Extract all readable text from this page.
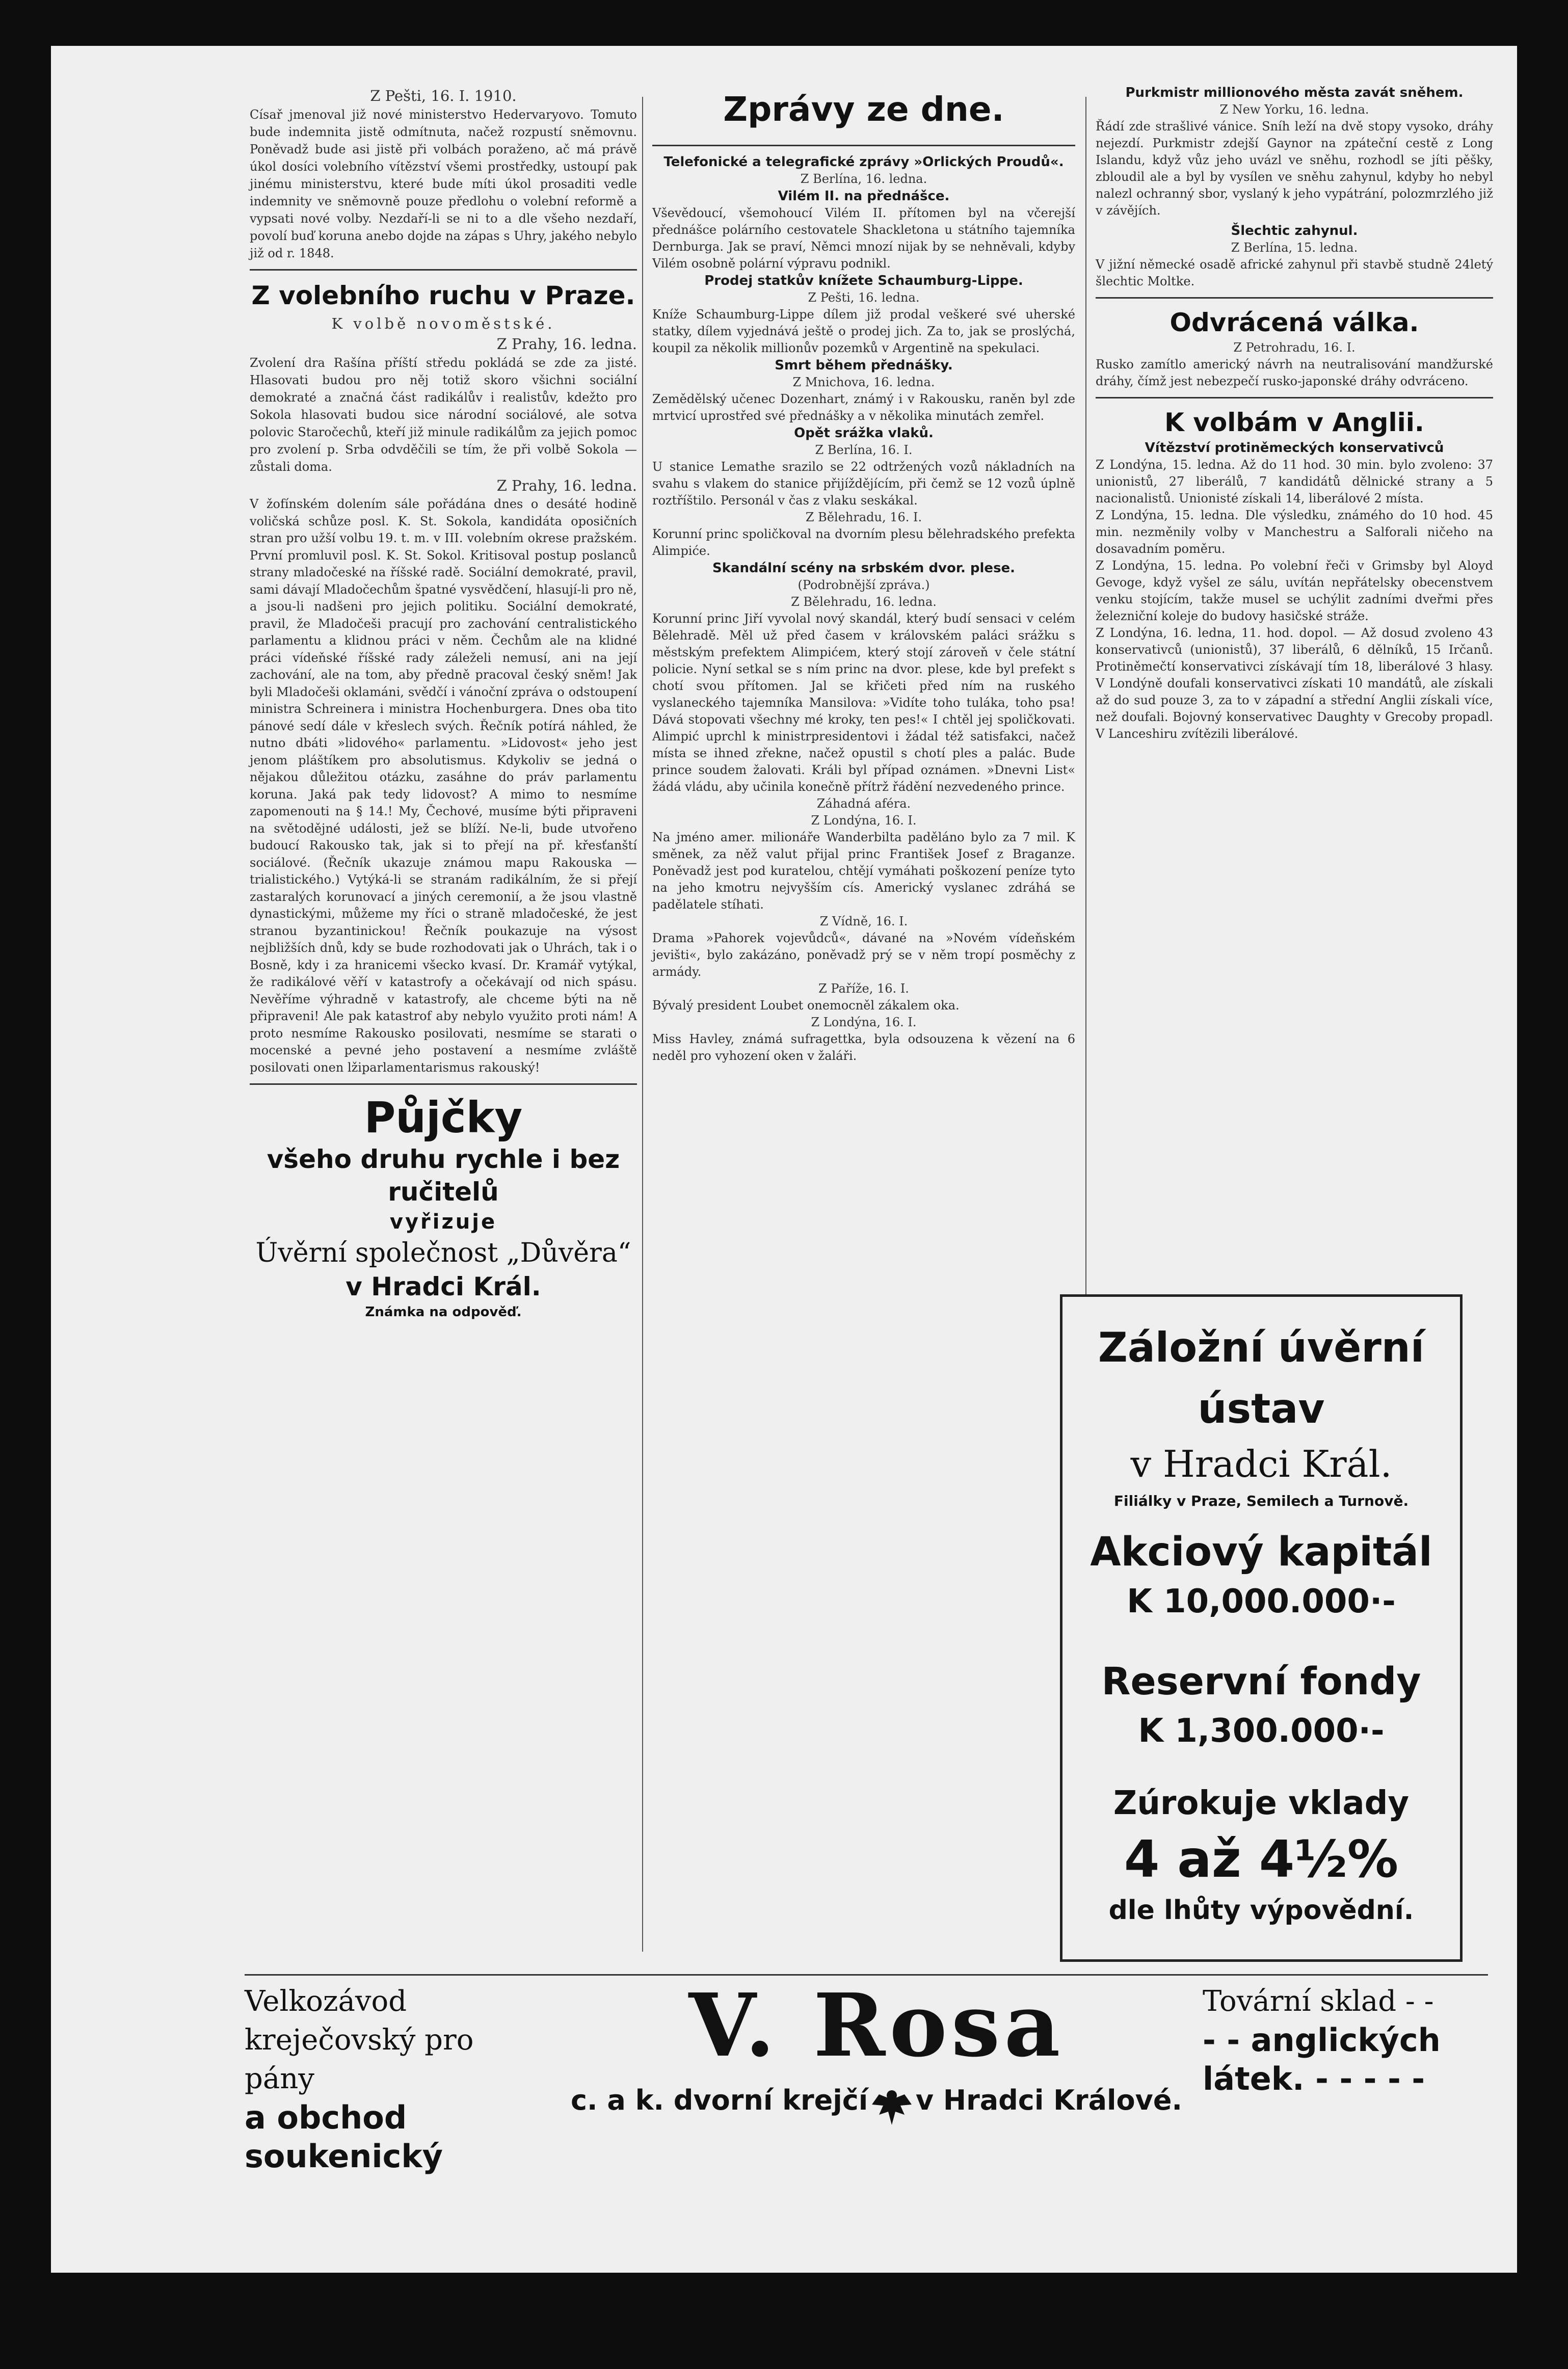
Z Pešti, 16. I. 1910.

Císař jmenoval již nové ministerstvo Hedervaryovo. Tomuto bude indemnita jistě odmítnuta, načež rozpustí sněmovnu. Poněvadž bude asi jistě při volbách poraženo, ač má právě úkol dosíci volebního vítězství všemi prostředky, ustoupí pak jinému ministerstvu, které bude míti úkol prosaditi vedle indemnity ve sněmovně pouze předlohu o volební reformě a vypsati nové volby. Nezdaří-li se ni to a dle všeho nezdaří, povolí buď koruna anebo dojde na zápas s Uhry, jakého nebylo již od r. 1848.

Z volebního ruchu v Praze.

K volbě novoměstské.

Z Prahy, 16. ledna.

Zvolení dra Rašína příští středu pokládá se zde za jisté. Hlasovati budou pro něj totiž skoro všichni sociální demokraté a značná část radikálův i realistův, kdežto pro Sokola hlasovati budou sice národní sociálové, ale sotva polovic Staročechů, kteří již minule radikálům za jejich pomoc pro zvolení p. Srba odvděčili se tím, že při volbě Sokola — zůstali doma.

Z Prahy, 16. ledna.

V žofínském dolením sále pořádána dnes o desáté hodině voličská schůze posl. K. St. Sokola, kandidáta oposičních stran pro užší volbu 19. t. m. v III. volebním okrese pražském. První promluvil posl. K. St. Sokol. Kritisoval postup poslanců strany mladočeské na říšské radě. Sociální demokraté, pravil, sami dávají Mladočechům špatné vysvědčení, hlasují-li pro ně, a jsou-li nadšeni pro jejich politiku. Sociální demokraté, pravil, že Mladočeši pracují pro zachování centralistického parlamentu a klidnou práci v něm. Čechům ale na klidné práci vídeňské říšské rady záleželi nemusí, ani na její zachování, ale na tom, aby předně pracoval český sněm! Jak byli Mladočeši oklamáni, svědčí i vánoční zpráva o odstoupení ministra Schreinera i ministra Hochenburgera. Dnes oba tito pánové sedí dále v křeslech svých. Řečník potírá náhled, že nutno dbáti »lidového« parlamentu. »Lidovost« jeho jest jenom pláštíkem pro absolutismus. Kdykoliv se jedná o nějakou důležitou otázku, zasáhne do práv parlamentu koruna. Jaká pak tedy lidovost? A mimo to nesmíme zapomenouti na § 14.! My, Čechové, musíme býti připraveni na světodějné události, jež se blíží. Ne-li, bude utvořeno budoucí Rakousko tak, jak si to přejí na př. křesťanští sociálové. (Řečník ukazuje známou mapu Rakouska — trialistického.) Vytýká-li se stranám radikálním, že si přejí zastaralých korunovací a jiných ceremonií, a že jsou vlastně dynastickými, můžeme my říci o straně mladočeské, že jest stranou byzantinickou! Řečník poukazuje na výsost nejbližších dnů, kdy se bude rozhodovati jak o Uhrách, tak i o Bosně, kdy i za hranicemi všecko kvasí. Dr. Kramář vytýkal, že radikálové věří v katastrofy a očekávají od nich spásu. Nevěříme výhradně v katastrofy, ale chceme býti na ně připraveni! Ale pak katastrof aby nebylo využito proti nám! A proto nesmíme Rakousko posilovati, nesmíme se starati o mocenské a pevné jeho postavení a nesmíme zvláště posilovati onen lžiparlamentarismus rakouský!

Půjčky

všeho druhu rychle i bez ručitelů

vyřizuje

Úvěrní společnost „Důvěra“

v Hradci Král.

Známka na odpověď.

Zprávy ze dne.

Telefonické a telegrafické zprávy »Orlických Proudů«.

Z Berlína, 16. ledna.

Vilém II. na přednášce.

Vševědoucí, všemohoucí Vilém II. přítomen byl na včerejší přednášce polárního cestovatele Shackletona u státního tajemníka Dernburga. Jak se praví, Němci mnozí nijak by se nehněvali, kdyby Vilém osobně polární výpravu podnikl.

Prodej statkův knížete Schaumburg-Lippe.

Z Pešti, 16. ledna.

Kníže Schaumburg-Lippe dílem již prodal veškeré své uherské statky, dílem vyjednává ještě o prodej jich. Za to, jak se proslýchá, koupil za několik millionův pozemků v Argentině na spekulaci.

Smrt během přednášky.

Z Mnichova, 16. ledna.

Zemědělský učenec Dozenhart, známý i v Rakousku, raněn byl zde mrtvicí uprostřed své přednášky a v několika minutách zemřel.

Opět srážka vlaků.

Z Berlína, 16. I.

U stanice Lemathe srazilo se 22 odtržených vozů nákladních na svahu s vlakem do stanice přijíždějícím, při čemž se 12 vozů úplně roztříštilo. Personál v čas z vlaku seskákal.

Z Bělehradu, 16. I.

Korunní princ spoličkoval na dvorním plesu bělehradského prefekta Alimpiće.

Skandální scény na srbském dvor. plese.

(Podrobnější zpráva.)

Z Bělehradu, 16. ledna.

Korunní princ Jiří vyvolal nový skandál, který budí sensaci v celém Bělehradě. Měl už před časem v královském paláci srážku s městským prefektem Alimpićem, který stojí zároveň v čele státní policie. Nyní setkal se s ním princ na dvor. plese, kde byl prefekt s chotí svou přítomen. Jal se křičeti před ním na ruského vyslaneckého tajemníka Mansilova: »Vidíte toho tuláka, toho psa! Dává stopovati všechny mé kroky, ten pes!« I chtěl jej spoličkovati. Alimpić uprchl k ministrpresidentovi i žádal též satisfakci, načež místa se ihned zřekne, načež opustil s chotí ples a palác. Bude prince soudem žalovati. Králi byl případ oznámen. »Dnevni List« žádá vládu, aby učinila konečně přítrž řádění nezvedeného prince.

Záhadná aféra.

Z Londýna, 16. I.

Na jméno amer. milionáře Wanderbilta paděláno bylo za 7 mil. K směnek, za něž valut přijal princ František Josef z Braganze. Poněvadž jest pod kuratelou, chtějí vymáhati poškození peníze tyto na jeho kmotru nejvyšším cís. Americký vyslanec zdráhá se padělatele stíhati.

Z Vídně, 16. I.

Drama »Pahorek vojevůdců«, dávané na »Novém vídeňském jevišti«, bylo zakázáno, poněvadž prý se v něm tropí posměchy z armády.

Z Paříže, 16. I.

Bývalý president Loubet onemocněl zákalem oka.

Z Londýna, 16. I.

Miss Havley, známá sufragettka, byla odsouzena k vězení na 6 neděl pro vyhození oken v žaláři.

Purkmistr millionového města zavát sněhem.

Z New Yorku, 16. ledna.

Řádí zde strašlivé vánice. Sníh leží na dvě stopy vysoko, dráhy nejezdí. Purkmistr zdejší Gaynor na zpáteční cestě z Long Islandu, když vůz jeho uvázl ve sněhu, rozhodl se jíti pěšky, zbloudil ale a byl by vysílen ve sněhu zahynul, kdyby ho nebyl nalezl ochranný sbor, vyslaný k jeho vypátrání, polozmrzlého již v závějích.

Šlechtic zahynul.

Z Berlína, 15. ledna.

V jižní německé osadě africké zahynul při stavbě studně 24letý šlechtic Moltke.

Odvrácená válka.

Z Petrohradu, 16. I.

Rusko zamítlo americký návrh na neutralisování mandžurské dráhy, čímž jest nebezpečí rusko-japonské dráhy odvráceno.

K volbám v Anglii.

Vítězství protiněmeckých konservativců

Z Londýna, 15. ledna. Až do 11 hod. 30 min. bylo zvoleno: 37 unionistů, 27 liberálů, 7 kandidátů dělnické strany a 5 nacionalistů. Unionisté získali 14, liberálové 2 místa.

Z Londýna, 15. ledna. Dle výsledku, známého do 10 hod. 45 min. nezměnily volby v Manchestru a Salforali ničeho na dosavadním poměru.

Z Londýna, 15. ledna. Po volební řeči v Grimsby byl Aloyd Gevoge, když vyšel ze sálu, uvítán nepřátelsky obecenstvem venku stojícím, takže musel se uchýlit zadními dveřmi přes železniční koleje do budovy hasičské stráže.

Z Londýna, 16. ledna, 11. hod. dopol. — Až dosud zvoleno 43 konservativců (unionistů), 37 liberálů, 6 dělníků, 15 Irčanů. Protiněmečtí konservativci získávají tím 18, liberálové 3 hlasy. V Londýně doufali konservativci získati 10 mandátů, ale získali až do sud pouze 3, za to v západní a střední Anglii získali více, než doufali. Bojovný konservativec Daughty v Grecoby propadl. V Lanceshiru zvítězili liberálové.

Záložní úvěrní ústav

v Hradci Král.

Filiálky v Praze, Semilech a Turnově.

Akciový kapitál

K 10,000.000·-

Reservní fondy

K 1,300.000·-

Zúrokuje vklady

4 až 4½%

dle lhůty výpovědní.

Velkozávod kreječovský pro pány
a obchod soukenický
V. Rosa
c. a k. dvorní krejčí v Hradci Králové.
Tovární sklad - -
- - anglických
látek. - - - - -
